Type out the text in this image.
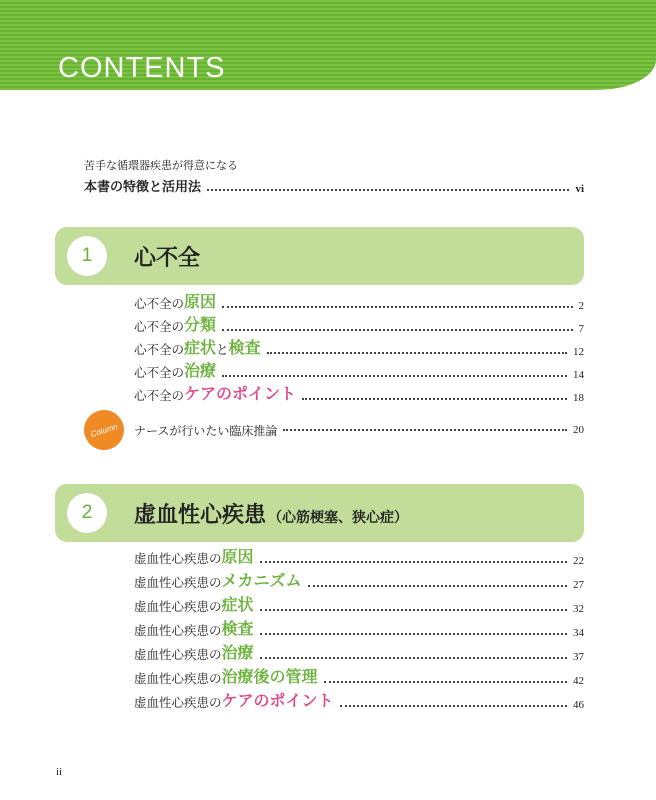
CONTENTS
苦手な循環器疾患が得意になる
本書の特徴と活用法	vi
1	心不全
心不全の 原因	2
心不全の 分類	7
心不全の 症状 と 検査	12
心不全の 治療	14
心不全の ケアのポイント	18
Column	ナースが行いたい臨床推論	20
2	虚血性心疾患 （心筋梗塞、狭心症）
虚血性心疾患の 原因	22
虚血性心疾患の メカニズム	27
虚血性心疾患の 症状	32
虚血性心疾患の 検査	34
虚血性心疾患の 治療	37
虚血性心疾患の 治療後の管理	42
虚血性心疾患の ケアのポイント	46
ii
